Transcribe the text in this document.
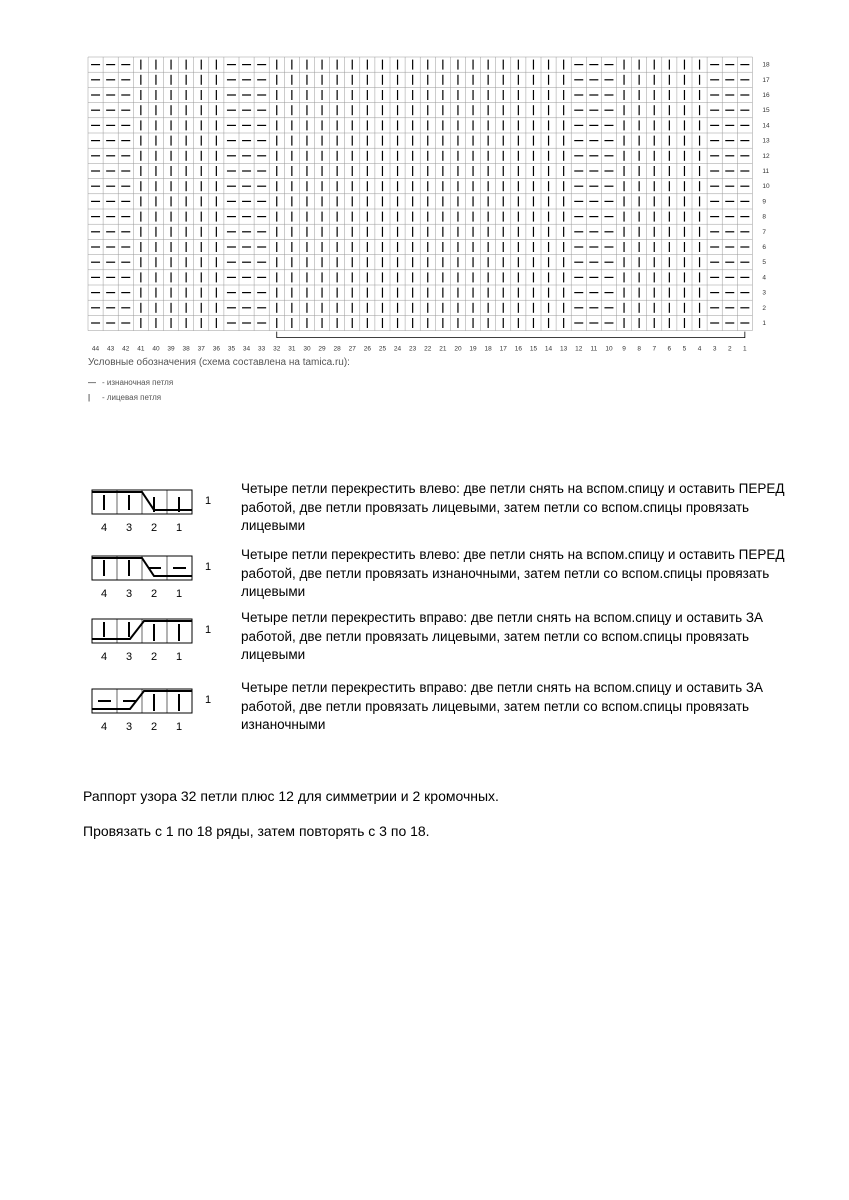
44 43 42 41 40 39 38 37 36 35 34 33 32 31 30 29 28 27 26 25 24 23 22 21 20 19 18 17 16 15 14 13 12 11 10 9 8 7 6 5 4 3 2 1
18
17
16
15
14
13
12
11
10
9
8
7
6
5
4
3
2
1
Условные обозначения (схема составлена на tamica.ru):
— - изнаночная петля
| - лицевая петля
1
4 3 2 1
Четыре петли перекрестить влево: две петли снять на вспом.спицу и оставить ПЕРЕД работой, две петли провязать лицевыми, затем петли со вспом.спицы провязать лицевыми
1
4 3 2 1
Четыре петли перекрестить влево: две петли снять на вспом.спицу и оставить ПЕРЕД работой, две петли провязать изнаночными, затем петли со вспом.спицы провязать лицевыми
1
4 3 2 1
Четыре петли перекрестить вправо: две петли снять на вспом.спицу и оставить ЗА работой, две петли провязать лицевыми, затем петли со вспом.спицы провязать лицевыми
1
4 3 2 1
Четыре петли перекрестить вправо: две петли снять на вспом.спицу и оставить ЗА работой, две петли провязать лицевыми, затем петли со вспом.спицы провязать изнаночными
Раппорт узора 32 петли плюс 12 для симметрии и 2 кромочных.
Провязать с 1 по 18 ряды, затем повторять с 3 по 18.
